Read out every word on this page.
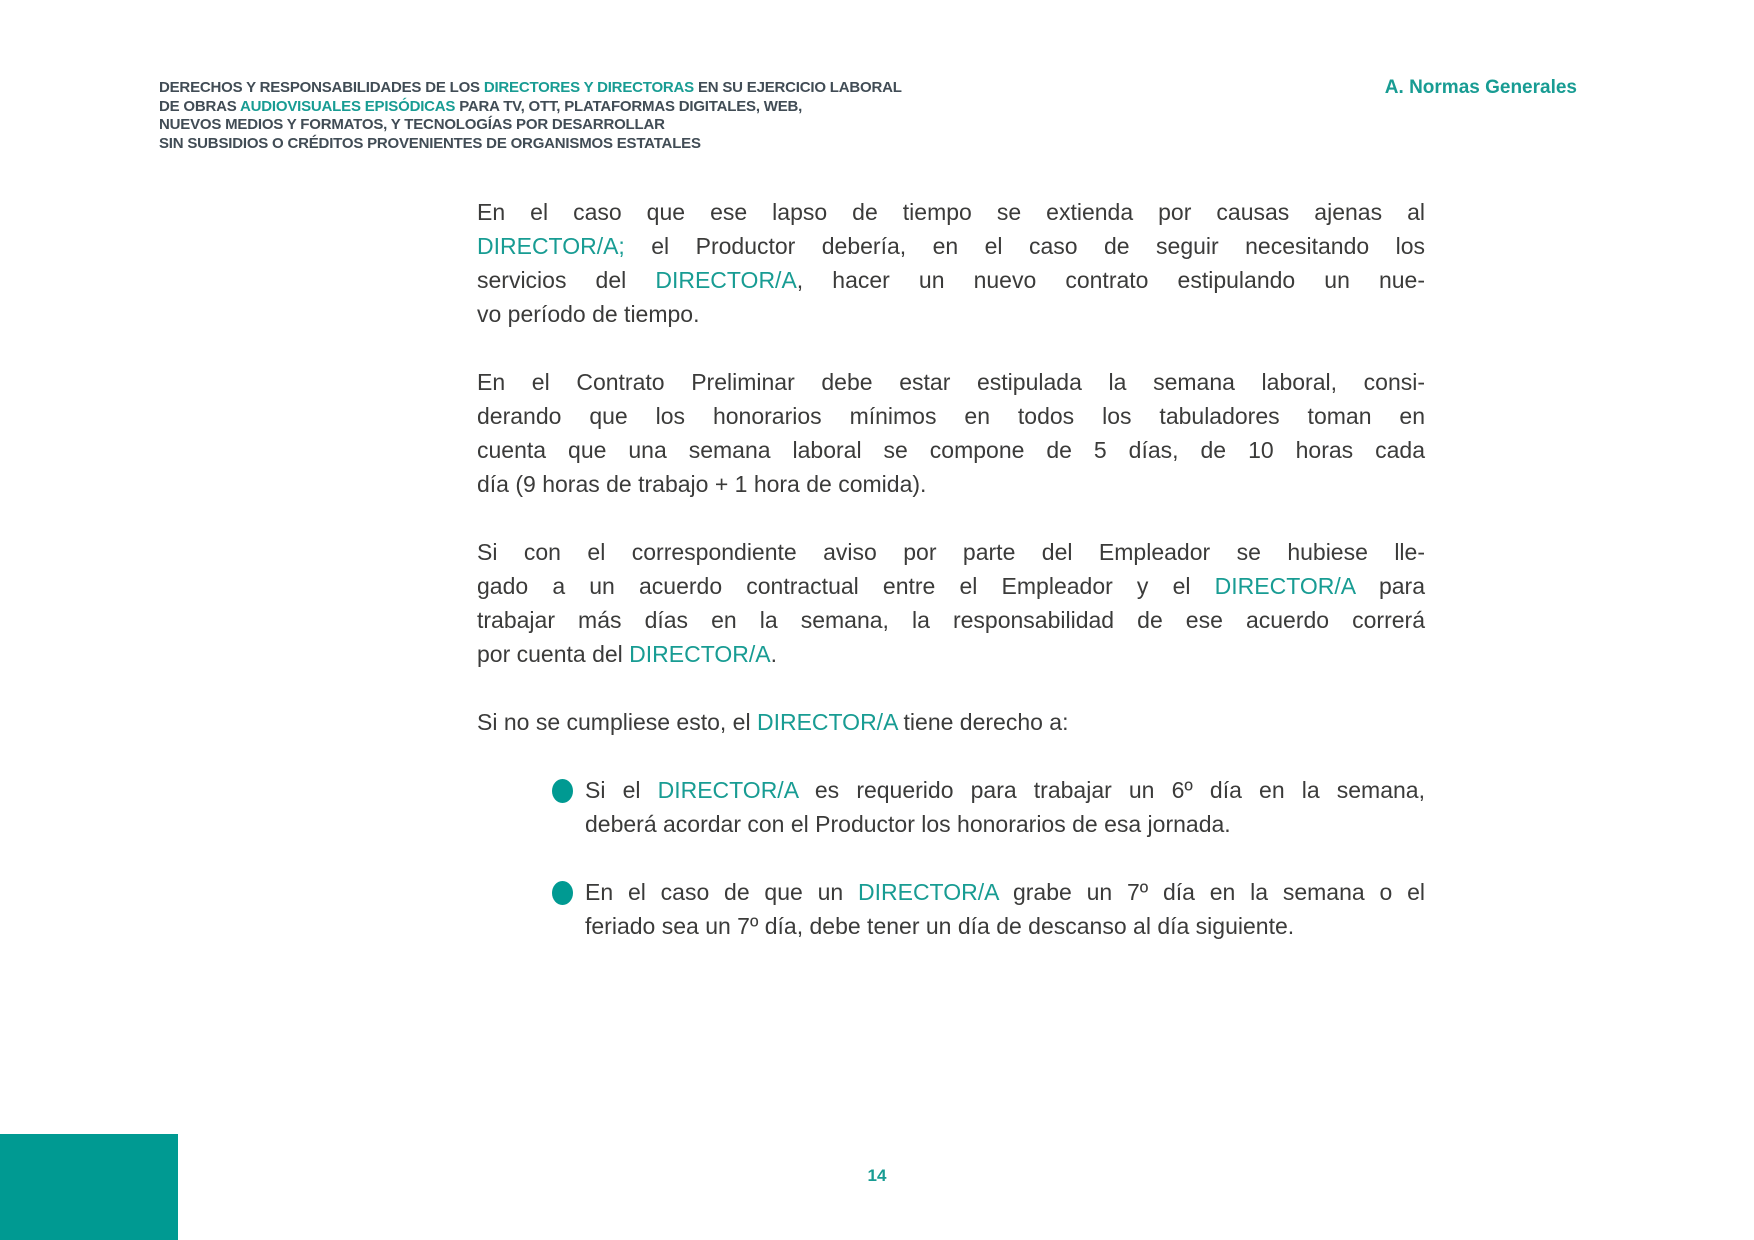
DERECHOS Y RESPONSABILIDADES DE LOS DIRECTORES Y DIRECTORAS EN SU EJERCICIO LABORAL
DE OBRAS AUDIOVISUALES EPISÓDICAS PARA TV, OTT, PLATAFORMAS DIGITALES, WEB,
NUEVOS MEDIOS Y FORMATOS, Y TECNOLOGÍAS POR DESARROLLAR
SIN SUBSIDIOS O CRÉDITOS PROVENIENTES DE ORGANISMOS ESTATALES
A. Normas Generales
En el caso que ese lapso de tiempo se extienda por causas ajenas al
DIRECTOR/A; el Productor debería, en el caso de seguir necesitando los
servicios del DIRECTOR/A, hacer un nuevo contrato estipulando un nue-
vo período de tiempo.
En el Contrato Preliminar debe estar estipulada la semana laboral, consi-
derando que los honorarios mínimos en todos los tabuladores toman en
cuenta que una semana laboral se compone de 5 días, de 10 horas cada
día (9 horas de trabajo + 1 hora de comida).
Si con el correspondiente aviso por parte del Empleador se hubiese lle-
gado a un acuerdo contractual entre el Empleador y el DIRECTOR/A para
trabajar más días en la semana, la responsabilidad de ese acuerdo correrá
por cuenta del DIRECTOR/A.
Si no se cumpliese esto, el DIRECTOR/A tiene derecho a:
Si el DIRECTOR/A es requerido para trabajar un 6º día en la semana,
deberá acordar con el Productor los honorarios de esa jornada.
En el caso de que un DIRECTOR/A grabe un 7º día en la semana o el
feriado sea un 7º día, debe tener un día de descanso al día siguiente.
14
